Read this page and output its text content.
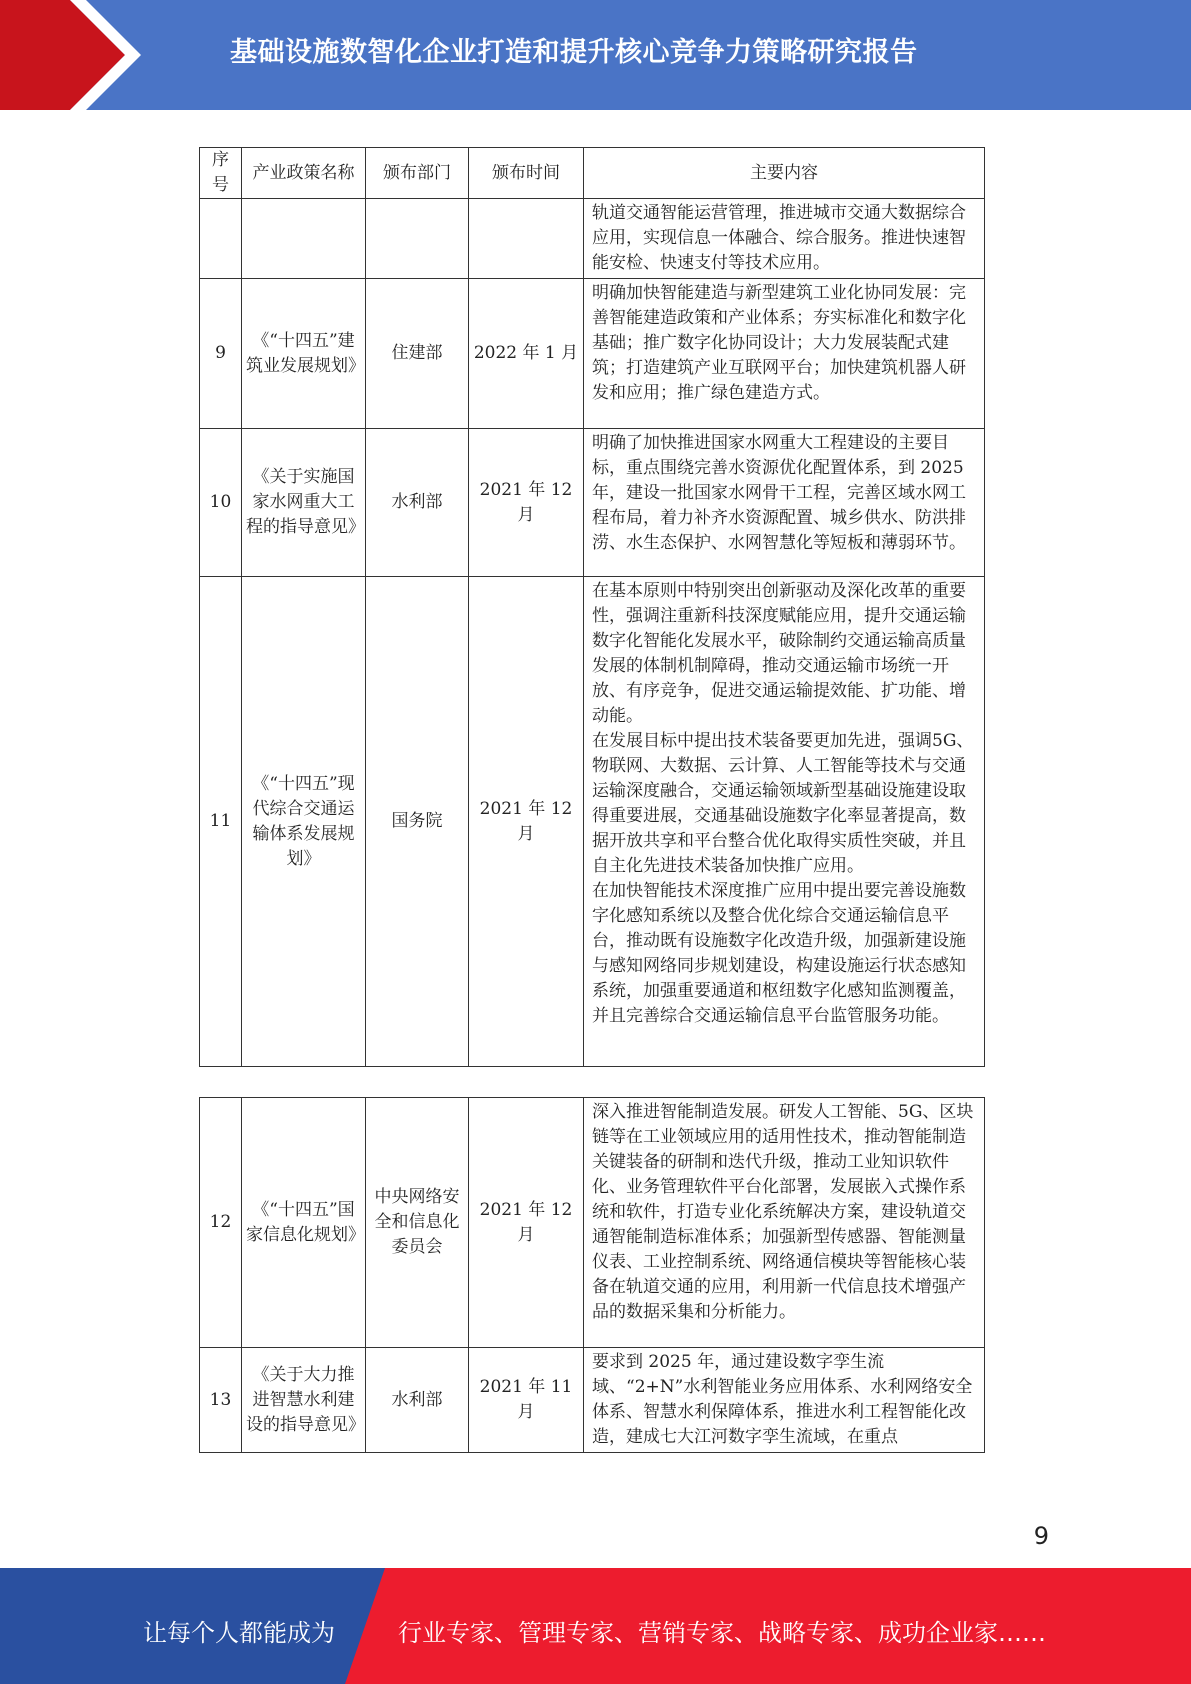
基础设施数智化企业打造和提升核心竞争力策略研究报告
序号	产业政策名称	颁布部门	颁布时间	主要内容
				轨道交通智能运营管理，推进城市交通大数据综合应用，实现信息一体融合、综合服务。推进快速智能安检、快速支付等技术应用。
9	《“十四五”建筑业发展规划》	住建部	2022 年 1 月	明确加快智能建造与新型建筑工业化协同发展：完善智能建造政策和产业体系；夯实标准化和数字化基础；推广数字化协同设计；大力发展装配式建筑；打造建筑产业互联网平台；加快建筑机器人研发和应用；推广绿色建造方式。
10	《关于实施国家水网重大工程的指导意见》	水利部	2021 年 12 月	明确了加快推进国家水网重大工程建设的主要目标，重点围绕完善水资源优化配置体系，到 2025 年，建设一批国家水网骨干工程，完善区域水网工程布局，着力补齐水资源配置、城乡供水、防洪排涝、水生态保护、水网智慧化等短板和薄弱环节。
11	《“十四五”现代综合交通运输体系发展规划》	国务院	2021 年 12 月	在基本原则中特别突出创新驱动及深化改革的重要性，强调注重新科技深度赋能应用，提升交通运输数字化智能化发展水平，破除制约交通运输高质量发展的体制机制障碍，推动交通运输市场统一开放、有序竞争，促进交通运输提效能、扩功能、增动能。
在发展目标中提出技术装备要更加先进，强调5G、物联网、大数据、云计算、人工智能等技术与交通运输深度融合，交通运输领域新型基础设施建设取得重要进展，交通基础设施数字化率显著提高，数据开放共享和平台整合优化取得实质性突破，并且自主化先进技术装备加快推广应用。
在加快智能技术深度推广应用中提出要完善设施数字化感知系统以及整合优化综合交通运输信息平台，推动既有设施数字化改造升级，加强新建设施与感知网络同步规划建设，构建设施运行状态感知系统，加强重要通道和枢纽数字化感知监测覆盖，并且完善综合交通运输信息平台监管服务功能。
12	《“十四五”国家信息化规划》	中央网络安全和信息化委员会	2021 年 12 月	深入推进智能制造发展。研发人工智能、5G、区块链等在工业领域应用的适用性技术，推动智能制造关键装备的研制和迭代升级，推动工业知识软件化、业务管理软件平台化部署，发展嵌入式操作系统和软件，打造专业化系统解决方案，建设轨道交通智能制造标准体系；加强新型传感器、智能测量仪表、工业控制系统、网络通信模块等智能核心装备在轨道交通的应用，利用新一代信息技术增强产品的数据采集和分析能力。
13	《关于大力推进智慧水利建设的指导意见》	水利部	2021 年 11 月	要求到 2025 年，通过建设数字孪生流域、“2+N”水利智能业务应用体系、水利网络安全体系、智慧水利保障体系，推进水利工程智能化改造，建成七大江河数字孪生流域，在重点
9
让每个人都能成为	行业专家、管理专家、营销专家、战略专家、成功企业家……
